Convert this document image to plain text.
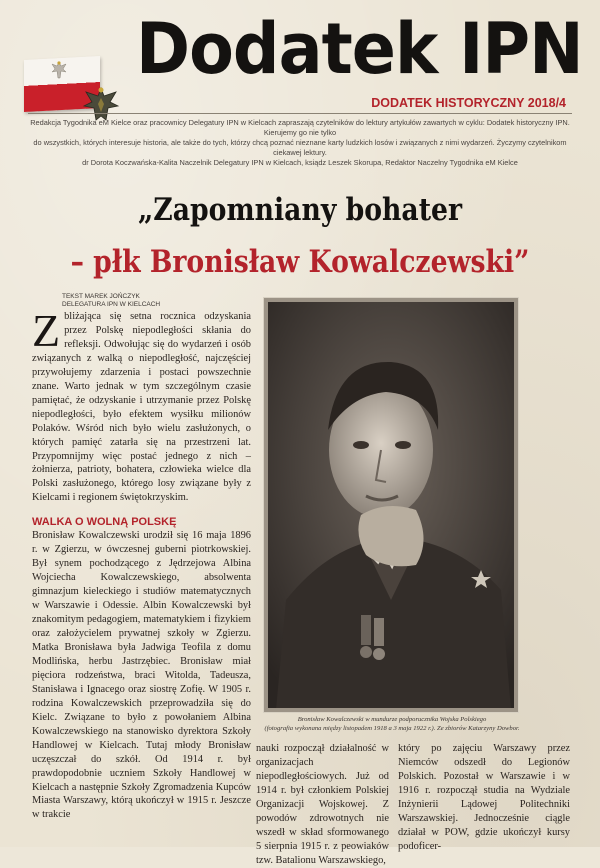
Dodatek IPN
DODATEK HISTORYCZNY 2018/4
Redakcja Tygodnika eM Kielce oraz pracownicy Delegatury IPN w Kielcach zapraszają czytelników do lektury artykułów zawartych w cyklu: Dodatek historyczny IPN. Kierujemy go nie tylko
do wszystkich, których interesuje historia, ale także do tych, którzy chcą poznać nieznane karty ludzkich losów i związanych z nimi wydarzeń. Życzymy czytelnikom ciekawej lektury.
dr Dorota Koczwańska-Kalita Naczelnik Delegatury IPN w Kielcach, ksiądz Leszek Skorupa, Redaktor Naczelny Tygodnika eM Kielce
„Zapomniany bohater
– płk Bronisław Kowalczewski”
TEKST MAREK JOŃCZYK
DELEGATURA IPN W KIELCACH

Zbliżająca się setna rocznica odzyskania przez Polskę niepodległości skłania do refleksji. Odwołując się do wydarzeń i osób związanych z walką o niepodległość, najczęściej przywołujemy zdarzenia i postaci powszechnie znane. Warto jednak w tym szczególnym czasie pamiętać, że odzyskanie i utrzymanie przez Polskę niepodległości, było efektem wysiłku milionów Polaków. Wśród nich było wielu zasłużonych, o których pamięć zatarła się na przestrzeni lat. Przypomnijmy więc postać jednego z nich – żołnierza, patrioty, bohatera, człowieka wielce dla Polski zasłużonego, którego losy związane były z Kielcami i regionem świętokrzyskim.

WALKA O WOLNĄ POLSKĘ

Bronisław Kowalczewski urodził się 16 maja 1896 r. w Zgierzu, w ówczesnej guberni piotrkowskiej. Był synem pochodzącego z Jędrzejowa Albina Wojciecha Kowalczewskiego, absolwenta gimnazjum kieleckiego i studiów matematycznych w Warszawie i Odessie. Albin Kowalczewski był znakomitym pedagogiem, matematykiem i fizykiem oraz założycielem prywatnej szkoły w Zgierzu. Matka Bronisława była Jadwiga Teofila z domu Modlińska, herbu Jastrzębiec. Bronisław miał pięciora rodzeństwa, braci Witolda, Tadeusza, Stanisława i Ignacego oraz siostrę Zofię. W 1905 r. rodzina Kowalczewskich przeprowadziła się do Kielc. Związane to było z powołaniem Albina Kowalczewskiego na stanowisko dyrektora Szkoły Handlowej w Kielcach. Tutaj młody Bronisław uczęszczał do szkół. Od 1914 r. był prawdopodobnie uczniem Szkoły Handlowej w Kielcach a następnie Szkoły Zgromadzenia Kupców Miasta Warszawy, którą ukończył w 1915 r. Jeszcze w trakcie

Bronisław Kowalczewski w mundurze podporucznika Wojska Polskiego
(fotografia wykonana między listopadem 1918 a 3 maja 1922 r.). Ze zbiorów Katarzyny Dowbor.
nauki rozpoczął działalność w organizacjach niepodległościowych. Już od 1914 r. był członkiem Polskiej Organizacji Wojskowej. Z powodów zdrowotnych nie wszedł w skład sformowanego 5 sierpnia 1915 r. z peowiaków tzw. Batalionu Warszawskiego,
który po zajęciu Warszawy przez Niemców odszedł do Legionów Polskich. Pozostał w Warszawie i w 1916 r. rozpoczął studia na Wydziale Inżynierii Lądowej Politechniki Warszawskiej. Jednocześnie ciągle działał w POW, gdzie ukończył kursy podoficer-
